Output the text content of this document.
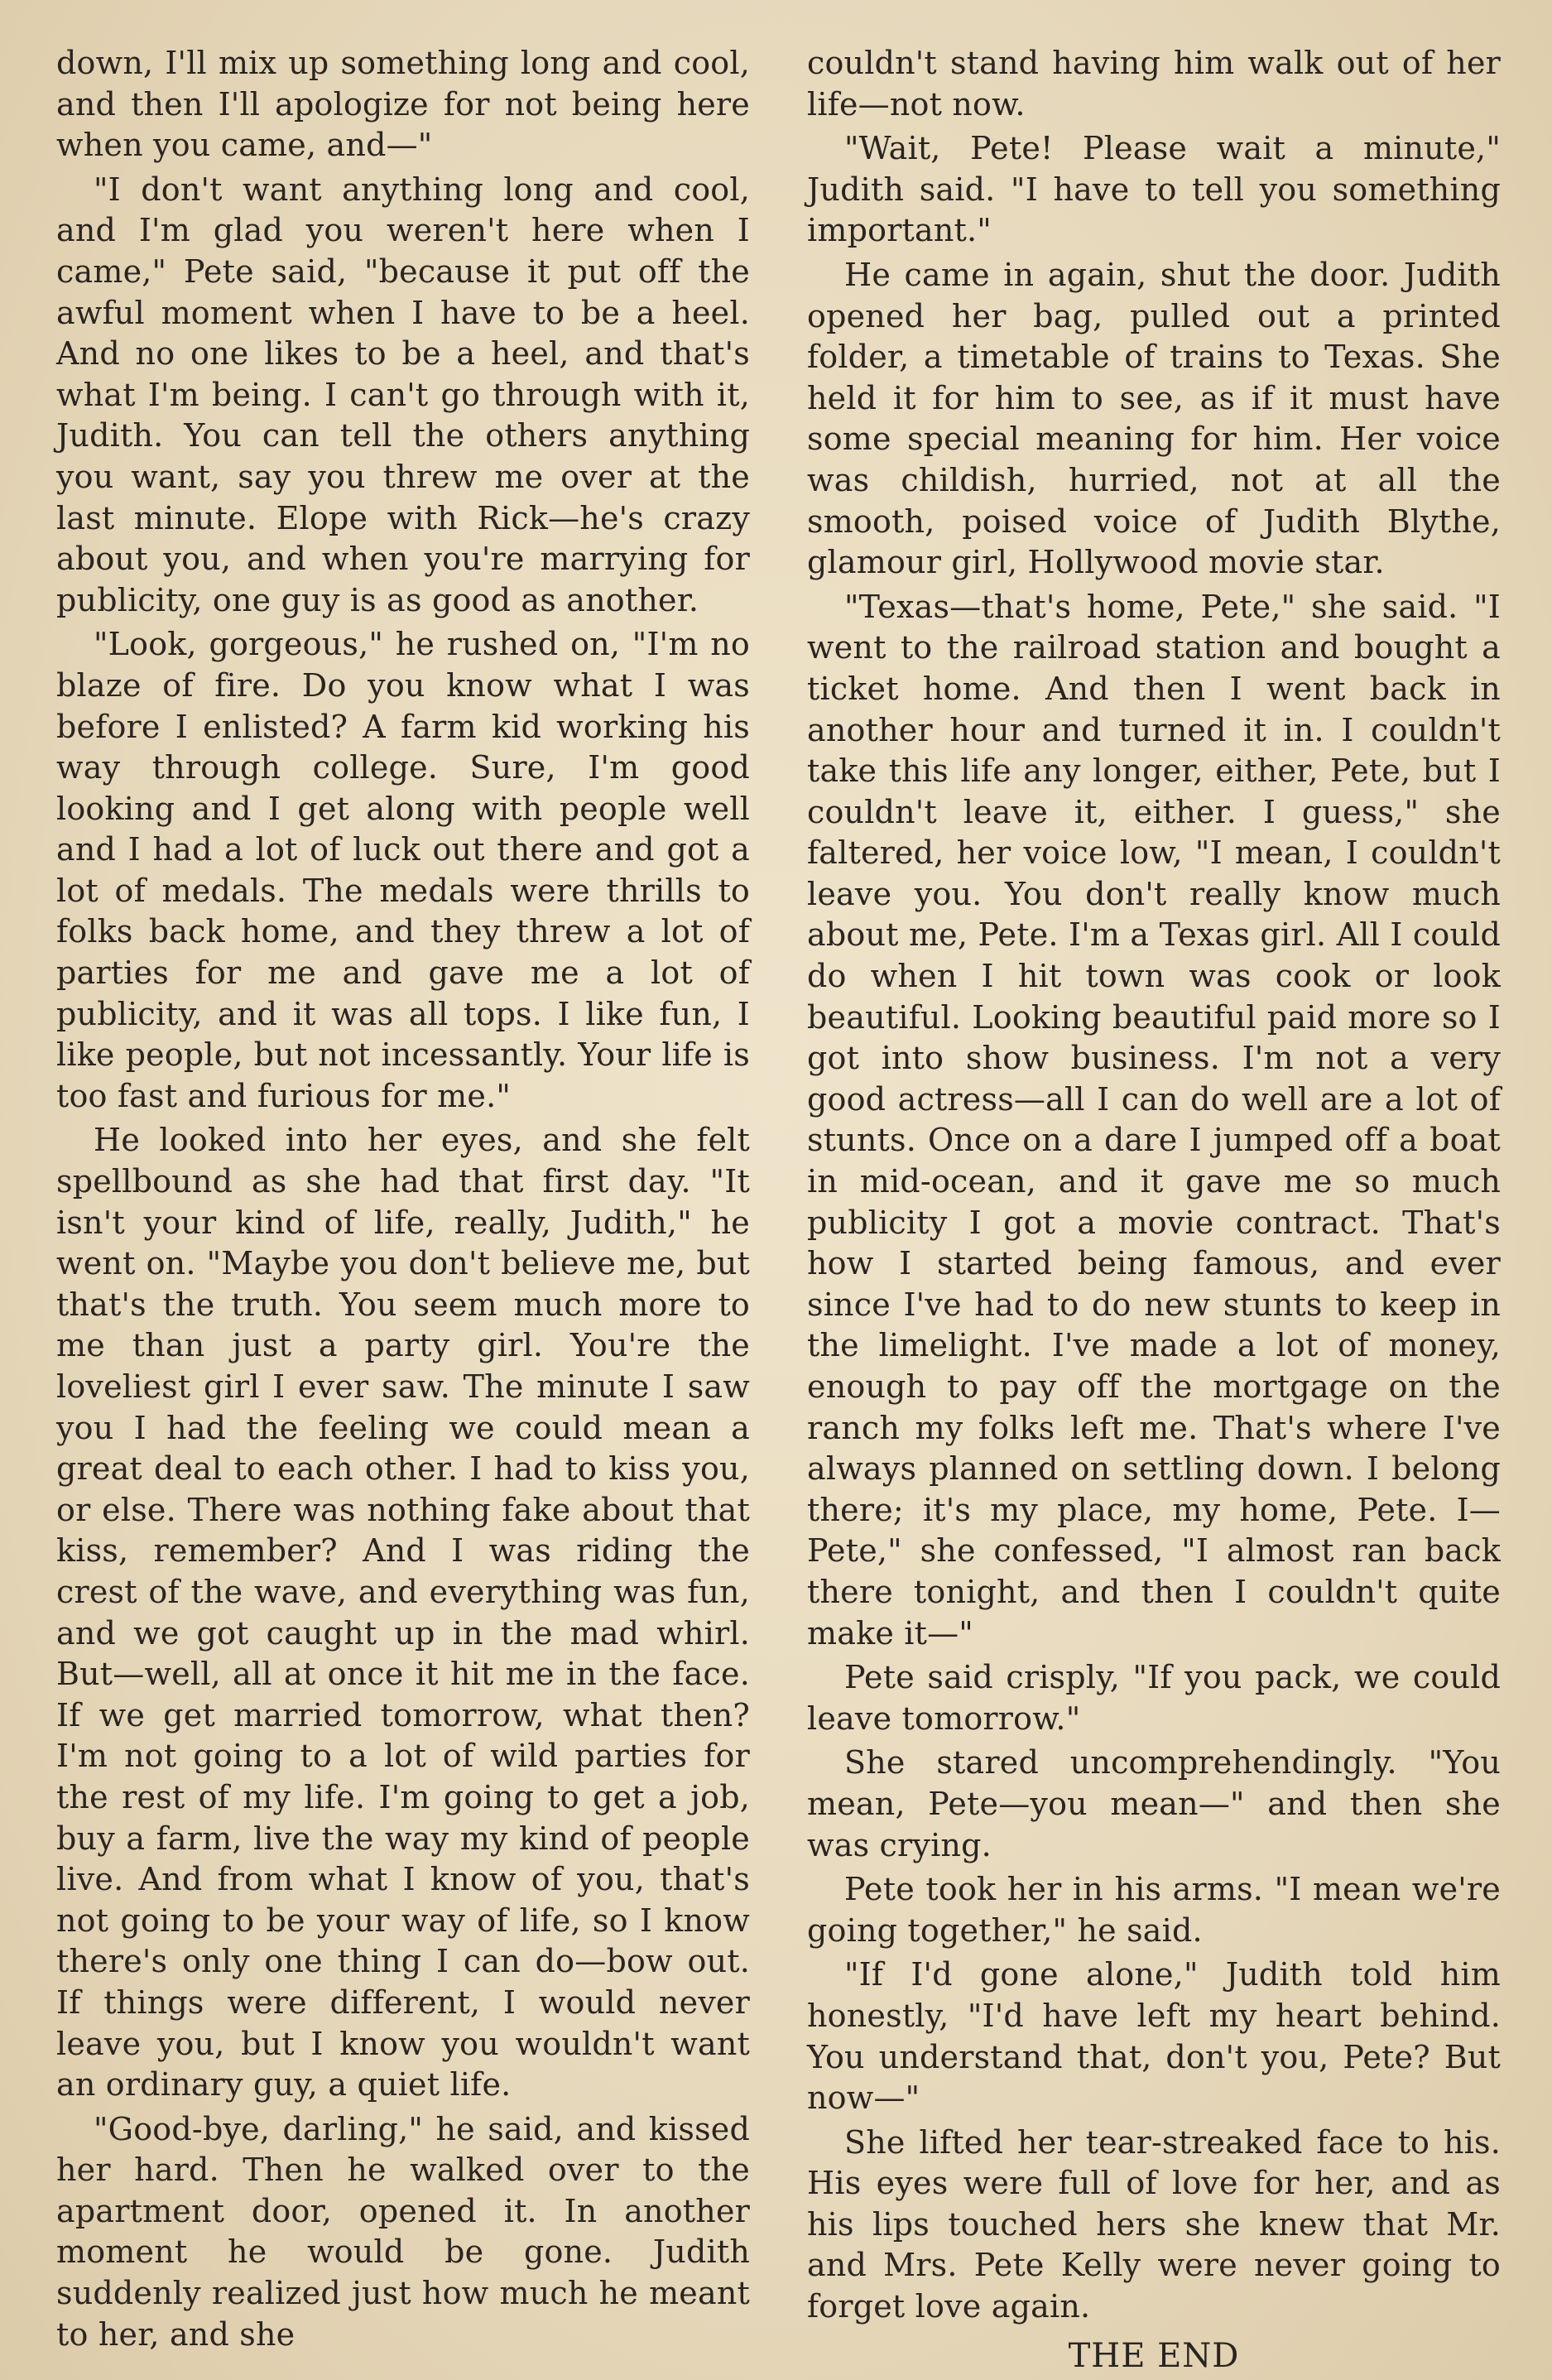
down, I'll mix up something long and cool, and then I'll apologize for not being here when you came, and—"

"I don't want anything long and cool, and I'm glad you weren't here when I came," Pete said, "because it put off the awful moment when I have to be a heel. And no one likes to be a heel, and that's what I'm being. I can't go through with it, Judith. You can tell the others anything you want, say you threw me over at the last minute. Elope with Rick—he's crazy about you, and when you're marrying for publicity, one guy is as good as another.

"Look, gorgeous," he rushed on, "I'm no blaze of fire. Do you know what I was before I enlisted? A farm kid working his way through college. Sure, I'm good looking and I get along with people well and I had a lot of luck out there and got a lot of medals. The medals were thrills to folks back home, and they threw a lot of parties for me and gave me a lot of publicity, and it was all tops. I like fun, I like people, but not incessantly. Your life is too fast and furious for me."

He looked into her eyes, and she felt spellbound as she had that first day. "It isn't your kind of life, really, Judith," he went on. "Maybe you don't believe me, but that's the truth. You seem much more to me than just a party girl. You're the loveliest girl I ever saw. The minute I saw you I had the feeling we could mean a great deal to each other. I had to kiss you, or else. There was nothing fake about that kiss, remember? And I was riding the crest of the wave, and everything was fun, and we got caught up in the mad whirl. But—well, all at once it hit me in the face. If we get married tomorrow, what then? I'm not going to a lot of wild parties for the rest of my life. I'm going to get a job, buy a farm, live the way my kind of people live. And from what I know of you, that's not going to be your way of life, so I know there's only one thing I can do—bow out. If things were different, I would never leave you, but I know you wouldn't want an ordinary guy, a quiet life.

"Good-bye, darling," he said, and kissed her hard. Then he walked over to the apartment door, opened it. In another moment he would be gone. Judith suddenly realized just how much he meant to her, and she

couldn't stand having him walk out of her life—not now.

"Wait, Pete! Please wait a minute," Judith said. "I have to tell you something important."

He came in again, shut the door. Judith opened her bag, pulled out a printed folder, a timetable of trains to Texas. She held it for him to see, as if it must have some special meaning for him. Her voice was childish, hurried, not at all the smooth, poised voice of Judith Blythe, glamour girl, Hollywood movie star.

"Texas—that's home, Pete," she said. "I went to the railroad station and bought a ticket home. And then I went back in another hour and turned it in. I couldn't take this life any longer, either, Pete, but I couldn't leave it, either. I guess," she faltered, her voice low, "I mean, I couldn't leave you. You don't really know much about me, Pete. I'm a Texas girl. All I could do when I hit town was cook or look beautiful. Looking beautiful paid more so I got into show business. I'm not a very good actress—all I can do well are a lot of stunts. Once on a dare I jumped off a boat in mid-ocean, and it gave me so much publicity I got a movie contract. That's how I started being famous, and ever since I've had to do new stunts to keep in the limelight. I've made a lot of money, enough to pay off the mortgage on the ranch my folks left me. That's where I've always planned on settling down. I belong there; it's my place, my home, Pete. I—Pete," she confessed, "I almost ran back there tonight, and then I couldn't quite make it—"

Pete said crisply, "If you pack, we could leave tomorrow."

She stared uncomprehendingly. "You mean, Pete—you mean—" and then she was crying.

Pete took her in his arms. "I mean we're going together," he said.

"If I'd gone alone," Judith told him honestly, "I'd have left my heart behind. You understand that, don't you, Pete? But now—"

She lifted her tear-streaked face to his. His eyes were full of love for her, and as his lips touched hers she knew that Mr. and Mrs. Pete Kelly were never going to forget love again.

THE END
